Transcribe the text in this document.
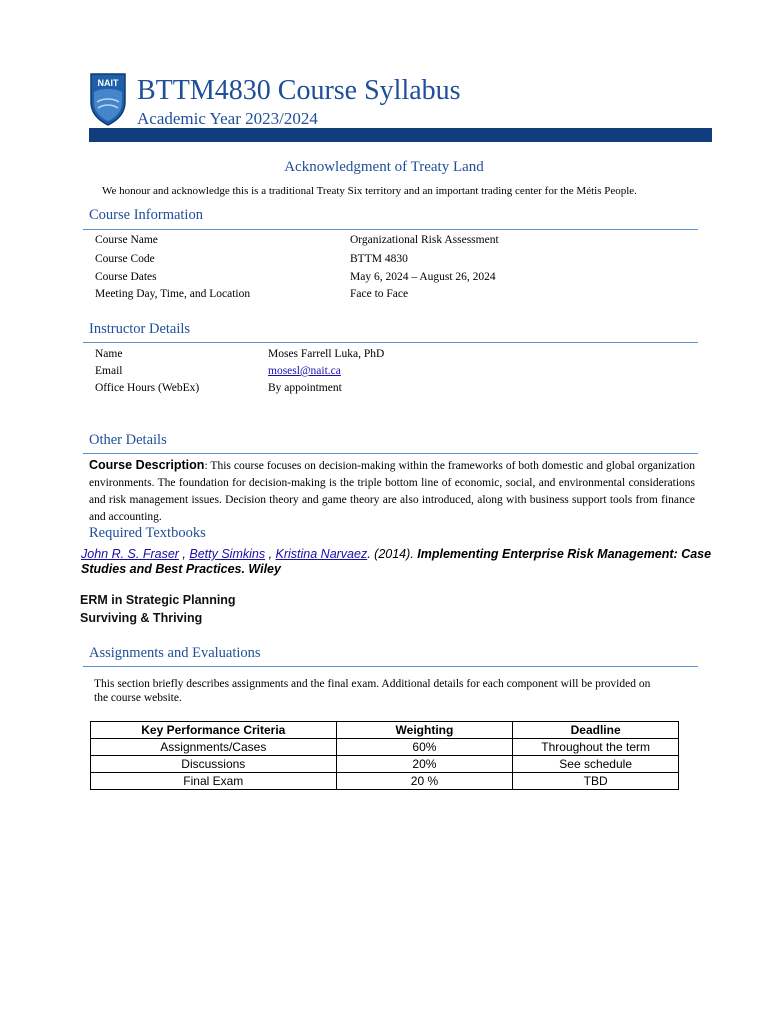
NAIT BTTM4830 Course Syllabus
Academic Year 2023/2024
Acknowledgment of Treaty Land
We honour and acknowledge this is a traditional Treaty Six territory and an important trading center for the Métis People.
Course Information
Course Name	Organizational Risk Assessment
Course Code	BTTM 4830
Course Dates	May 6, 2024 – August 26, 2024
Meeting Day, Time, and Location	Face to Face
Instructor Details
Name	Moses Farrell Luka, PhD
Email	mosesl@nait.ca
Office Hours (WebEx)	By appointment
Other Details
Course Description: This course focuses on decision-making within the frameworks of both domestic and global organization environments. The foundation for decision-making is the triple bottom line of economic, social, and environmental considerations and risk management issues. Decision theory and game theory are also introduced, along with business support tools from finance and accounting.
Required Textbooks
John R. S. Fraser , Betty Simkins , Kristina Narvaez. (2014). Implementing Enterprise Risk Management: Case Studies and Best Practices. Wiley
ERM in Strategic Planning
Surviving & Thriving
Assignments and Evaluations
This section briefly describes assignments and the final exam. Additional details for each component will be provided on the course website.
Key Performance Criteria	Weighting	Deadline
Assignments/Cases	60%	Throughout the term
Discussions	20%	See schedule
Final Exam	20 %	TBD
